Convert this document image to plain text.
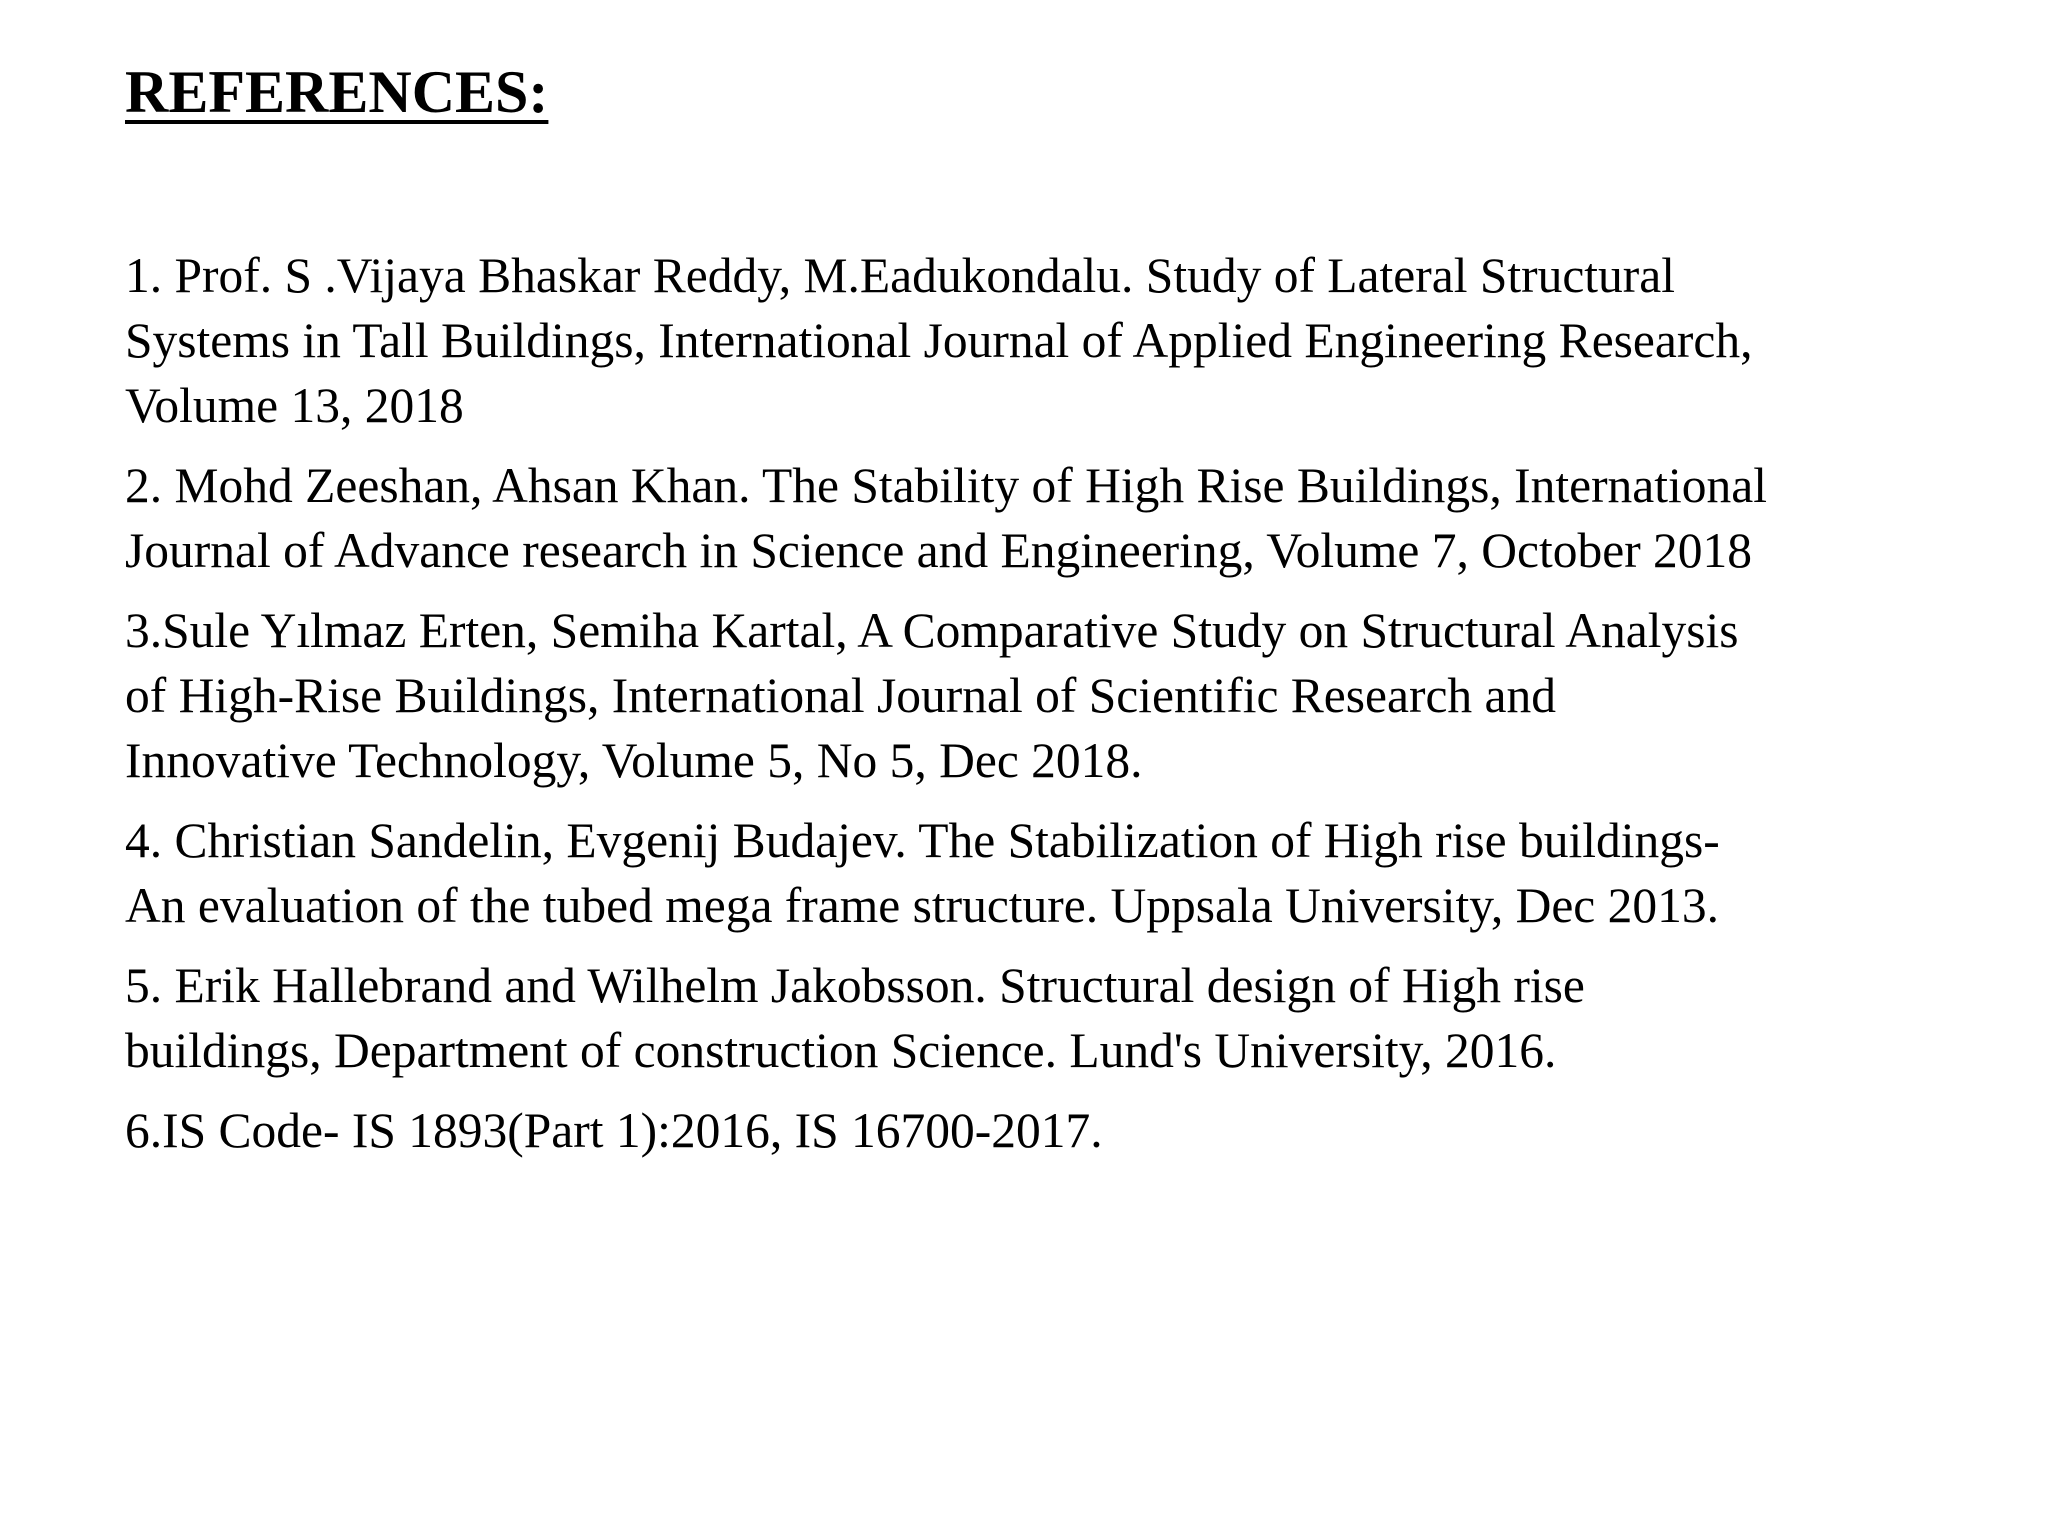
REFERENCES:
1. Prof. S .Vijaya Bhaskar Reddy, M.Eadukondalu. Study of Lateral Structural
Systems in Tall Buildings, International Journal of Applied Engineering Research,
Volume 13, 2018
2. Mohd Zeeshan, Ahsan Khan. The Stability of High Rise Buildings, International
Journal of Advance research in Science and Engineering, Volume 7, October 2018
3.Sule Yılmaz Erten, Semiha Kartal, A Comparative Study on Structural Analysis
of High-Rise Buildings, International Journal of Scientific Research and
Innovative Technology, Volume 5, No 5, Dec 2018.
4. Christian Sandelin, Evgenij Budajev. The Stabilization of High rise buildings-
An evaluation of the tubed mega frame structure. Uppsala University, Dec 2013.
5. Erik Hallebrand and Wilhelm Jakobsson. Structural design of High rise
buildings, Department of construction Science. Lund's University, 2016.
6.IS Code- IS 1893(Part 1):2016, IS 16700-2017.
